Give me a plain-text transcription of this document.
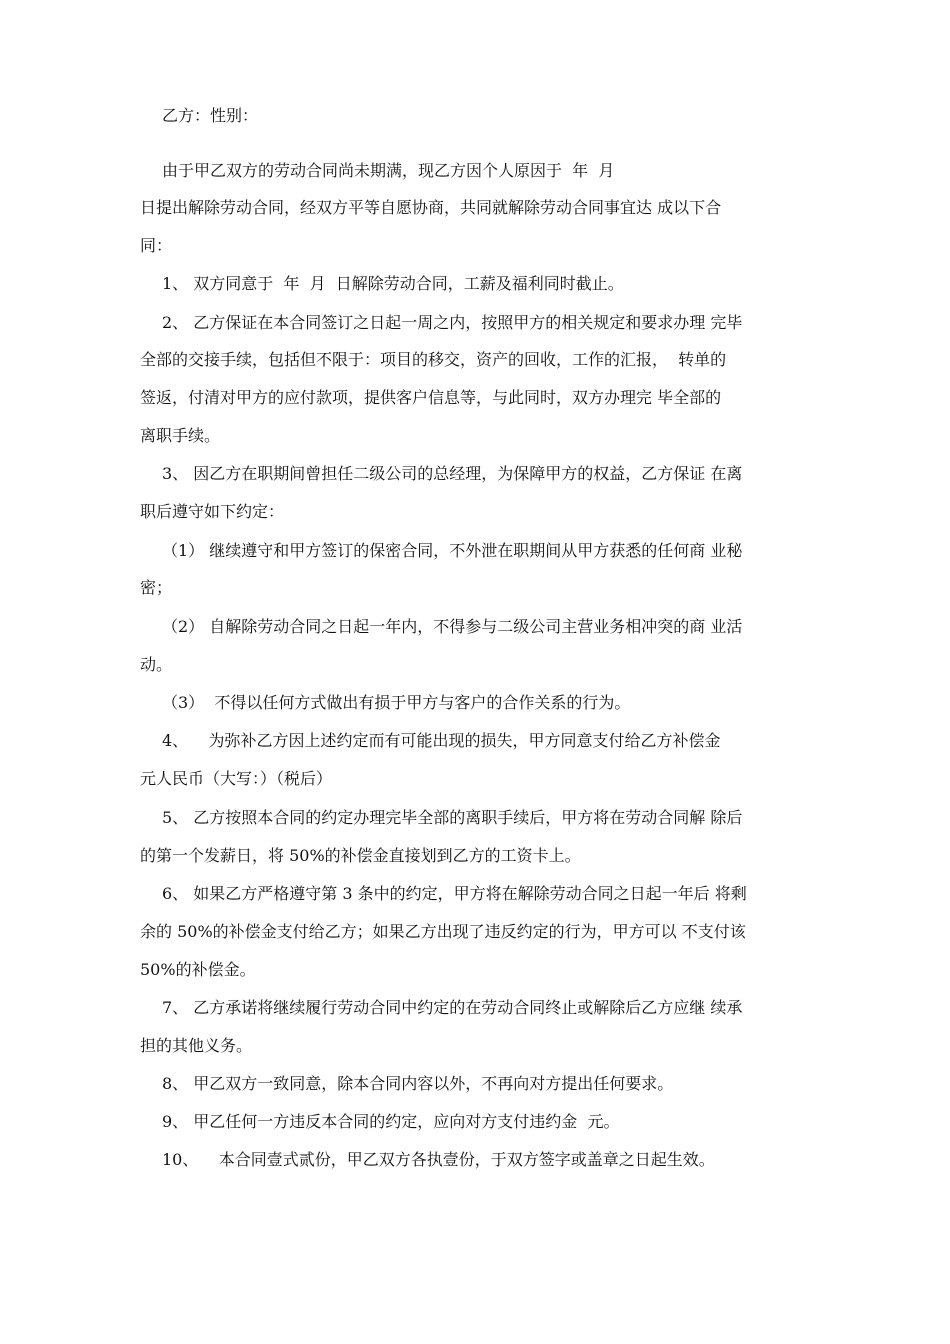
乙方：性别：
由于甲乙双方的劳动合同尚未期满，现乙方因个人原因于  年  月
日提出解除劳动合同，经双方平等自愿协商，共同就解除劳动合同事宜达 成以下合
同：
1、 双方同意于  年  月  日解除劳动合同，工薪及福利同时截止。
2、 乙方保证在本合同签订之日起一周之内，按照甲方的相关规定和要求办理 完毕
全部的交接手续，包括但不限于：项目的移交，资产的回收，工作的汇报，  转单的
签返，付清对甲方的应付款项，提供客户信息等，与此同时，双方办理完 毕全部的
离职手续。
3、 因乙方在职期间曾担任二级公司的总经理，为保障甲方的权益，乙方保证 在离
职后遵守如下约定：
（1） 继续遵守和甲方签订的保密合同，不外泄在职期间从甲方获悉的任何商 业秘
密；
（2） 自解除劳动合同之日起一年内，不得参与二级公司主营业务相冲突的商 业活
动。
（3）  不得以任何方式做出有损于甲方与客户的合作关系的行为。
4、    为弥补乙方因上述约定而有可能出现的损失，甲方同意支付给乙方补偿金
元人民币（大写：）（税后）
5、 乙方按照本合同的约定办理完毕全部的离职手续后，甲方将在劳动合同解 除后
的第一个发薪日，将 50%的补偿金直接划到乙方的工资卡上。
6、 如果乙方严格遵守第 3 条中的约定，甲方将在解除劳动合同之日起一年后 将剩
余的 50%的补偿金支付给乙方；如果乙方出现了违反约定的行为，甲方可以 不支付该
50%的补偿金。
7、 乙方承诺将继续履行劳动合同中约定的在劳动合同终止或解除后乙方应继 续承
担的其他义务。
8、 甲乙双方一致同意，除本合同内容以外，不再向对方提出任何要求。
9、 甲乙任何一方违反本合同的约定，应向对方支付违约金  元。
10、    本合同壹式贰份，甲乙双方各执壹份，于双方签字或盖章之日起生效。
